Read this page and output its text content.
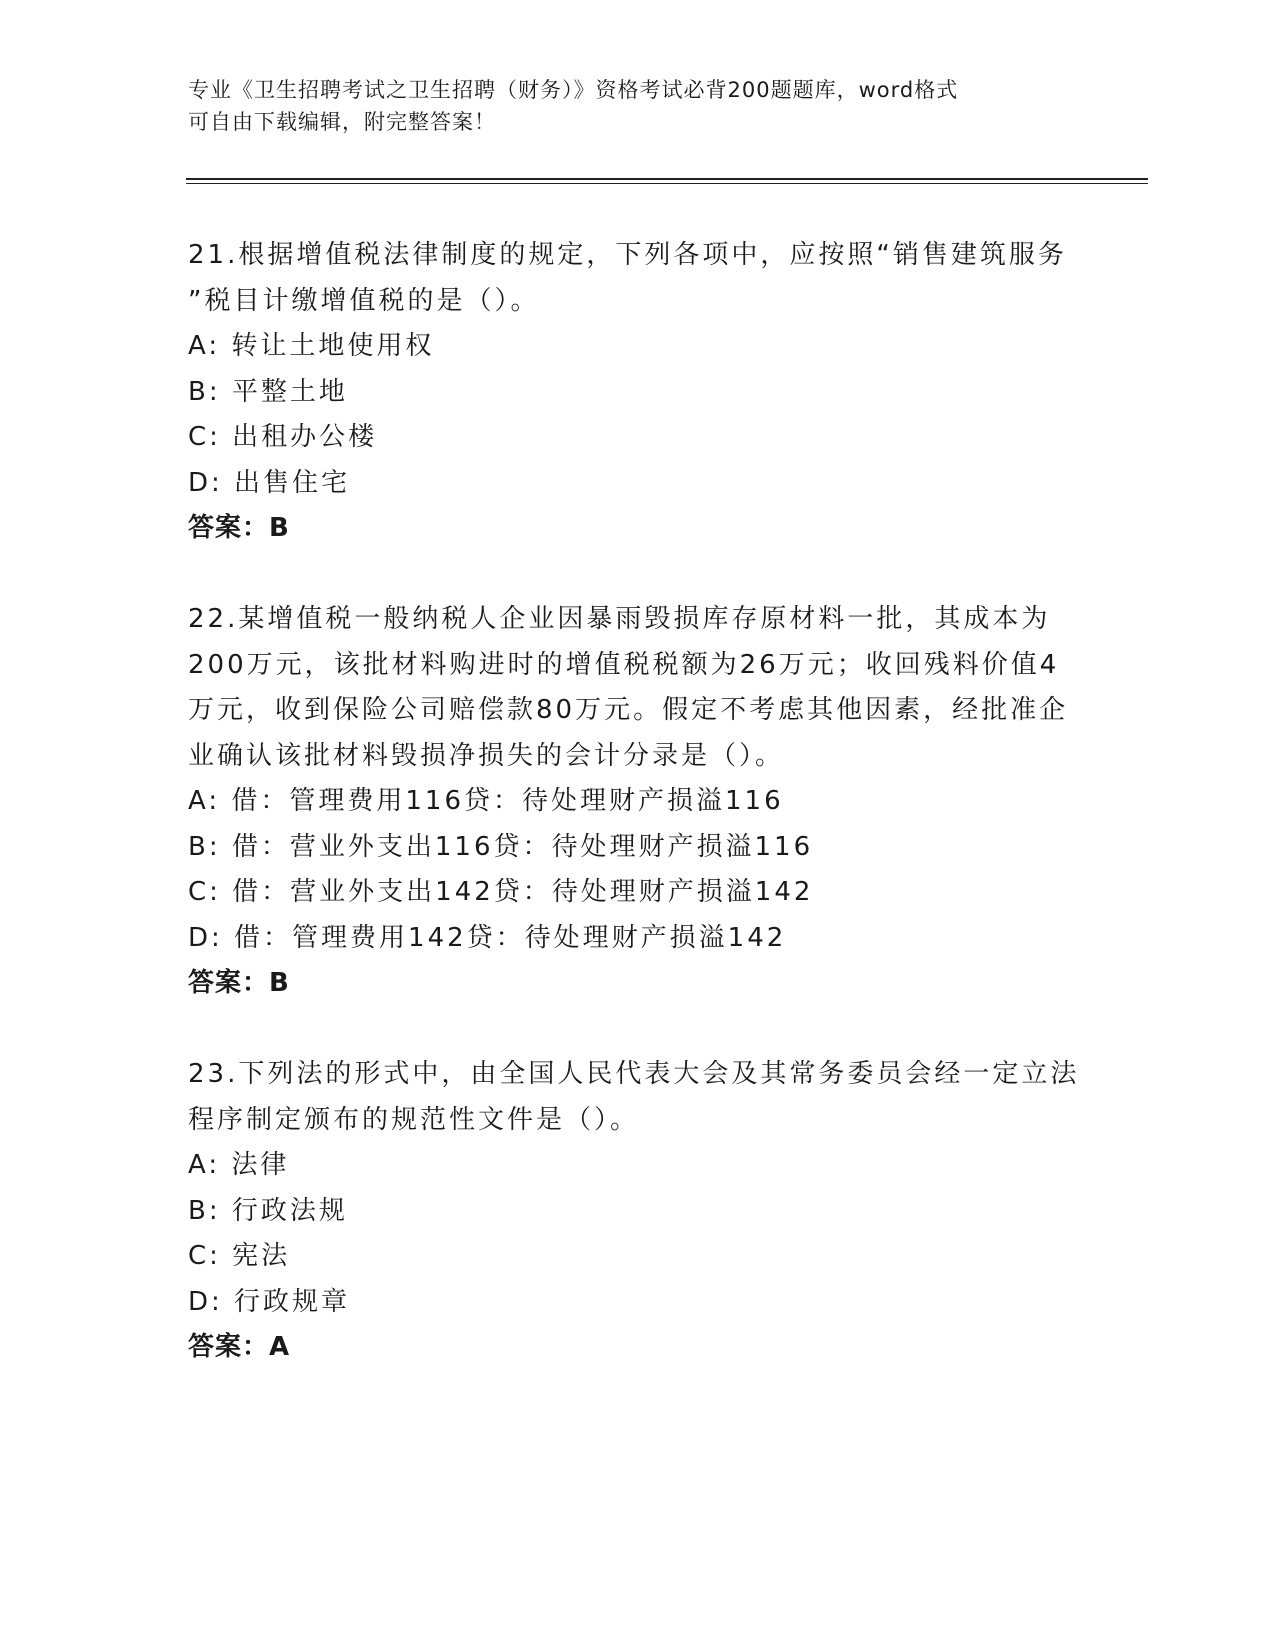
专业《卫生招聘考试之卫生招聘（财务）》资格考试必背200题题库，word格式
可自由下载编辑，附完整答案！
21.根据增值税法律制度的规定，下列各项中，应按照“销售建筑服务
”税目计缴增值税的是（）。
A: 转让土地使用权
B: 平整土地
C: 出租办公楼
D: 出售住宅
答案：B
22.某增值税一般纳税人企业因暴雨毁损库存原材料一批，其成本为
200万元，该批材料购进时的增值税税额为26万元；收回残料价值4
万元，收到保险公司赔偿款80万元。假定不考虑其他因素，经批准企
业确认该批材料毁损净损失的会计分录是（）。
A: 借：管理费用116贷：待处理财产损溢116
B: 借：营业外支出116贷：待处理财产损溢116
C: 借：营业外支出142贷：待处理财产损溢142
D: 借：管理费用142贷：待处理财产损溢142
答案：B
23.下列法的形式中，由全国人民代表大会及其常务委员会经一定立法
程序制定颁布的规范性文件是（）。
A: 法律
B: 行政法规
C: 宪法
D: 行政规章
答案：A
